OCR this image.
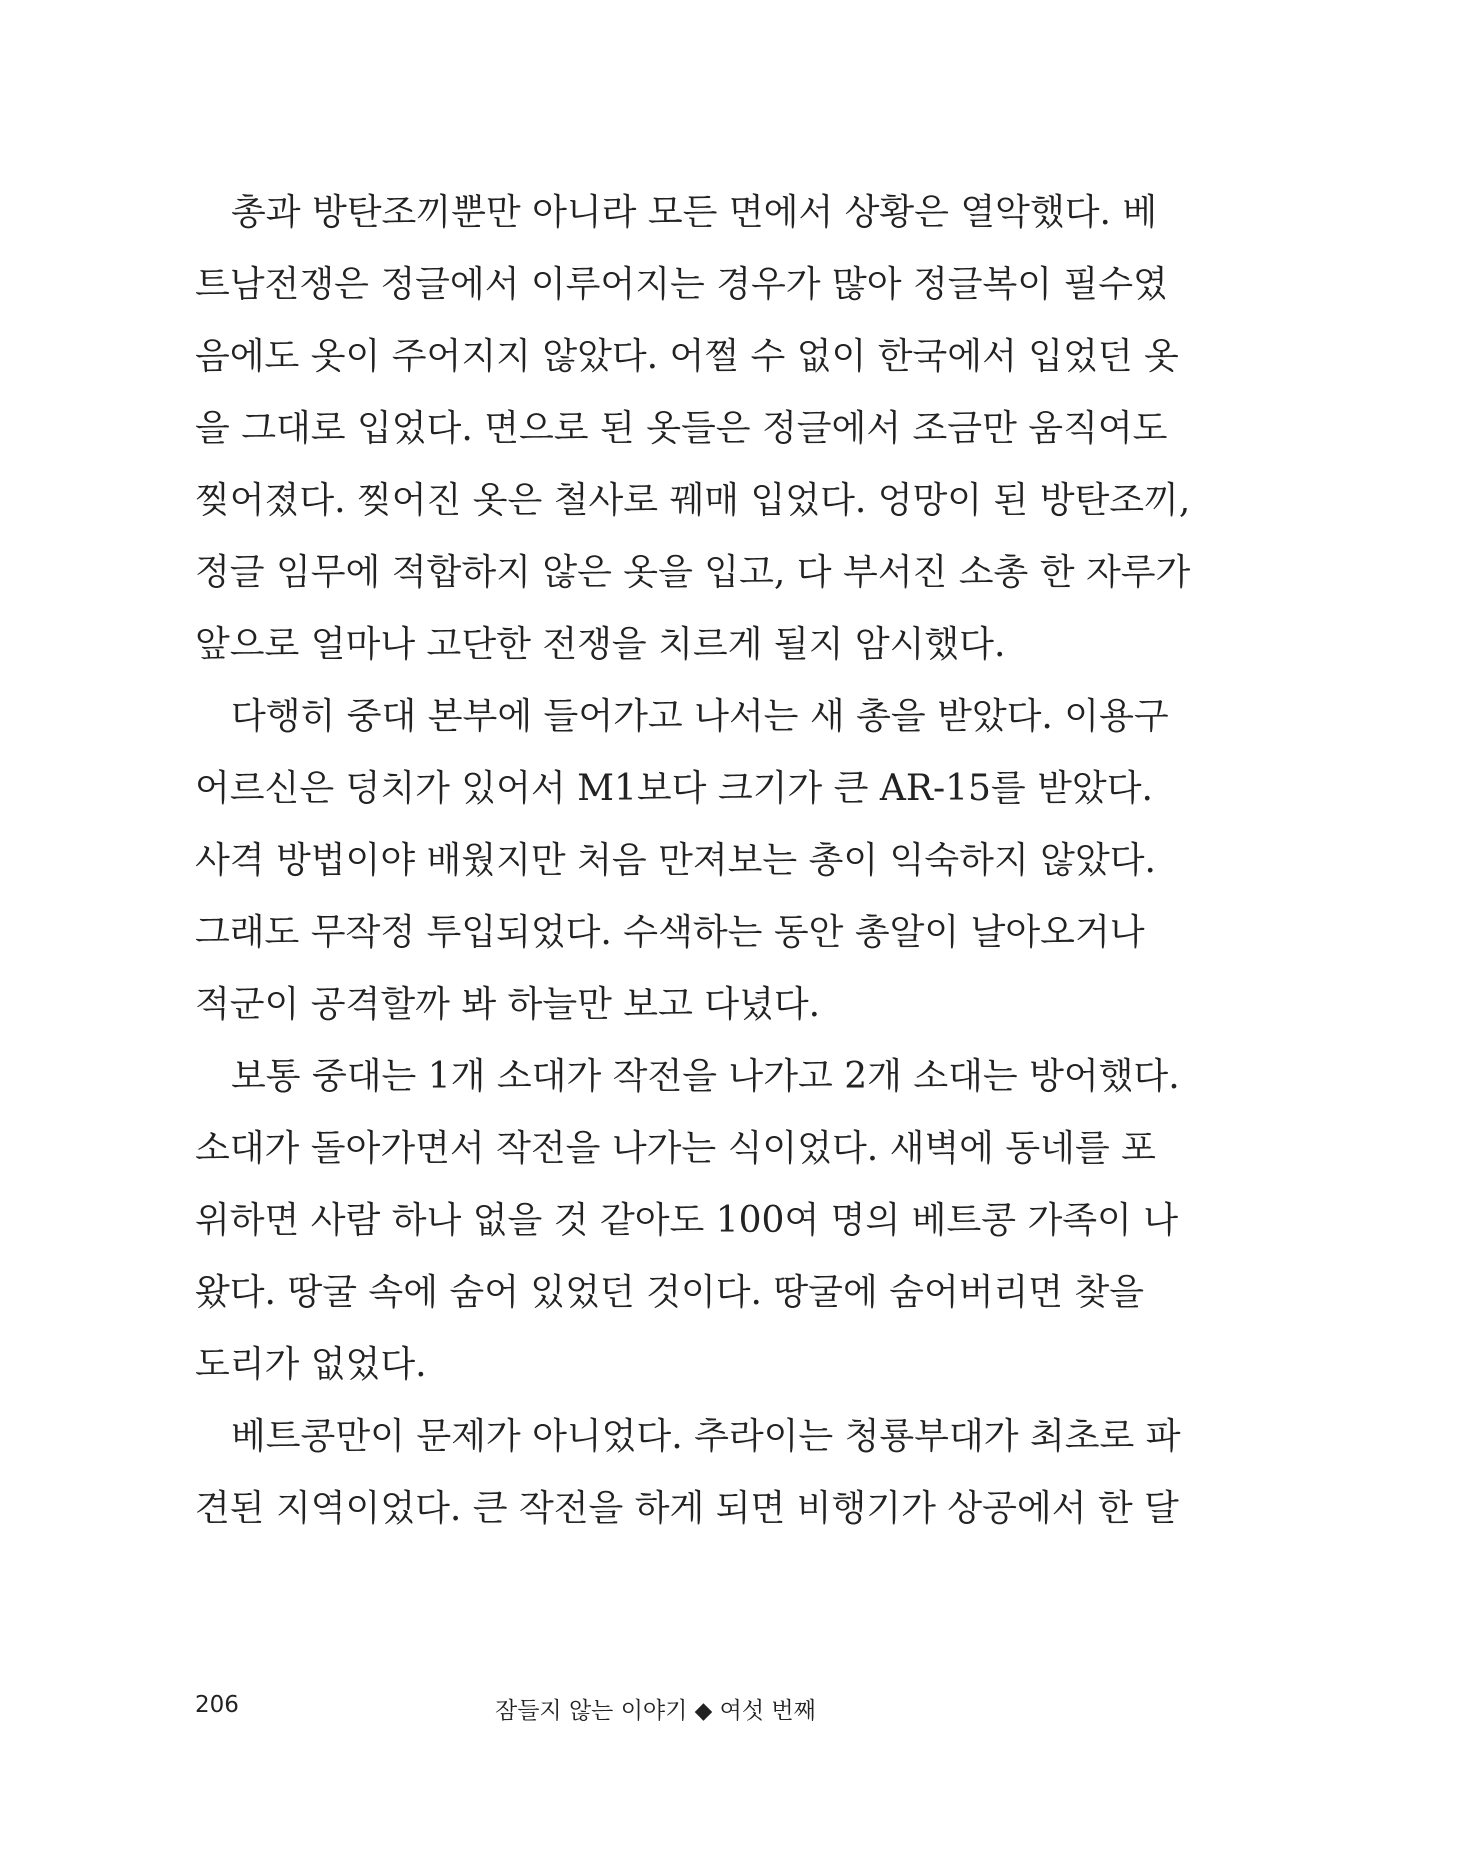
총과 방탄조끼뿐만 아니라 모든 면에서 상황은 열악했다. 베
트남전쟁은 정글에서 이루어지는 경우가 많아 정글복이 필수였
음에도 옷이 주어지지 않았다. 어쩔 수 없이 한국에서 입었던 옷
을 그대로 입었다. 면으로 된 옷들은 정글에서 조금만 움직여도
찢어졌다. 찢어진 옷은 철사로 꿰매 입었다. 엉망이 된 방탄조끼,
정글 임무에 적합하지 않은 옷을 입고, 다 부서진 소총 한 자루가
앞으로 얼마나 고단한 전쟁을 치르게 될지 암시했다.
다행히 중대 본부에 들어가고 나서는 새 총을 받았다. 이용구
어르신은 덩치가 있어서 M1보다 크기가 큰 AR-15를 받았다.
사격 방법이야 배웠지만 처음 만져보는 총이 익숙하지 않았다.
그래도 무작정 투입되었다. 수색하는 동안 총알이 날아오거나
적군이 공격할까 봐 하늘만 보고 다녔다.
보통 중대는 1개 소대가 작전을 나가고 2개 소대는 방어했다.
소대가 돌아가면서 작전을 나가는 식이었다. 새벽에 동네를 포
위하면 사람 하나 없을 것 같아도 100여 명의 베트콩 가족이 나
왔다. 땅굴 속에 숨어 있었던 것이다. 땅굴에 숨어버리면 찾을
도리가 없었다.
베트콩만이 문제가 아니었다. 추라이는 청룡부대가 최초로 파
견된 지역이었다. 큰 작전을 하게 되면 비행기가 상공에서 한 달
206	잠들지 않는 이야기 ◆ 여섯 번째
